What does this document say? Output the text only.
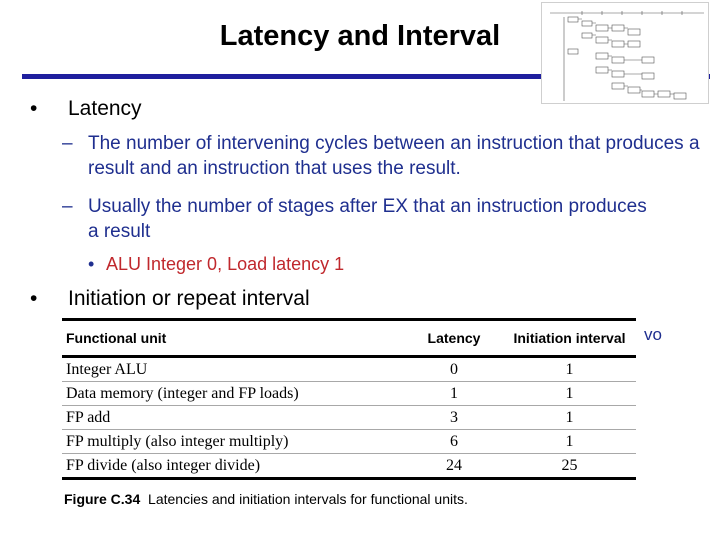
Latency and Interval
• Latency
– The number of intervening cycles between an instruction that produces a result and an instruction that uses the result.
– Usually the number of stages after EX that an instruction produces a result
• ALU Integer 0, Load latency 1
• Initiation or repeat interval
vo
Functional unit	Latency	Initiation interval
Integer ALU	0	1
Data memory (integer and FP loads)	1	1
FP add	3	1
FP multiply (also integer multiply)	6	1
FP divide (also integer divide)	24	25
Figure C.34 Latencies and initiation intervals for functional units.
